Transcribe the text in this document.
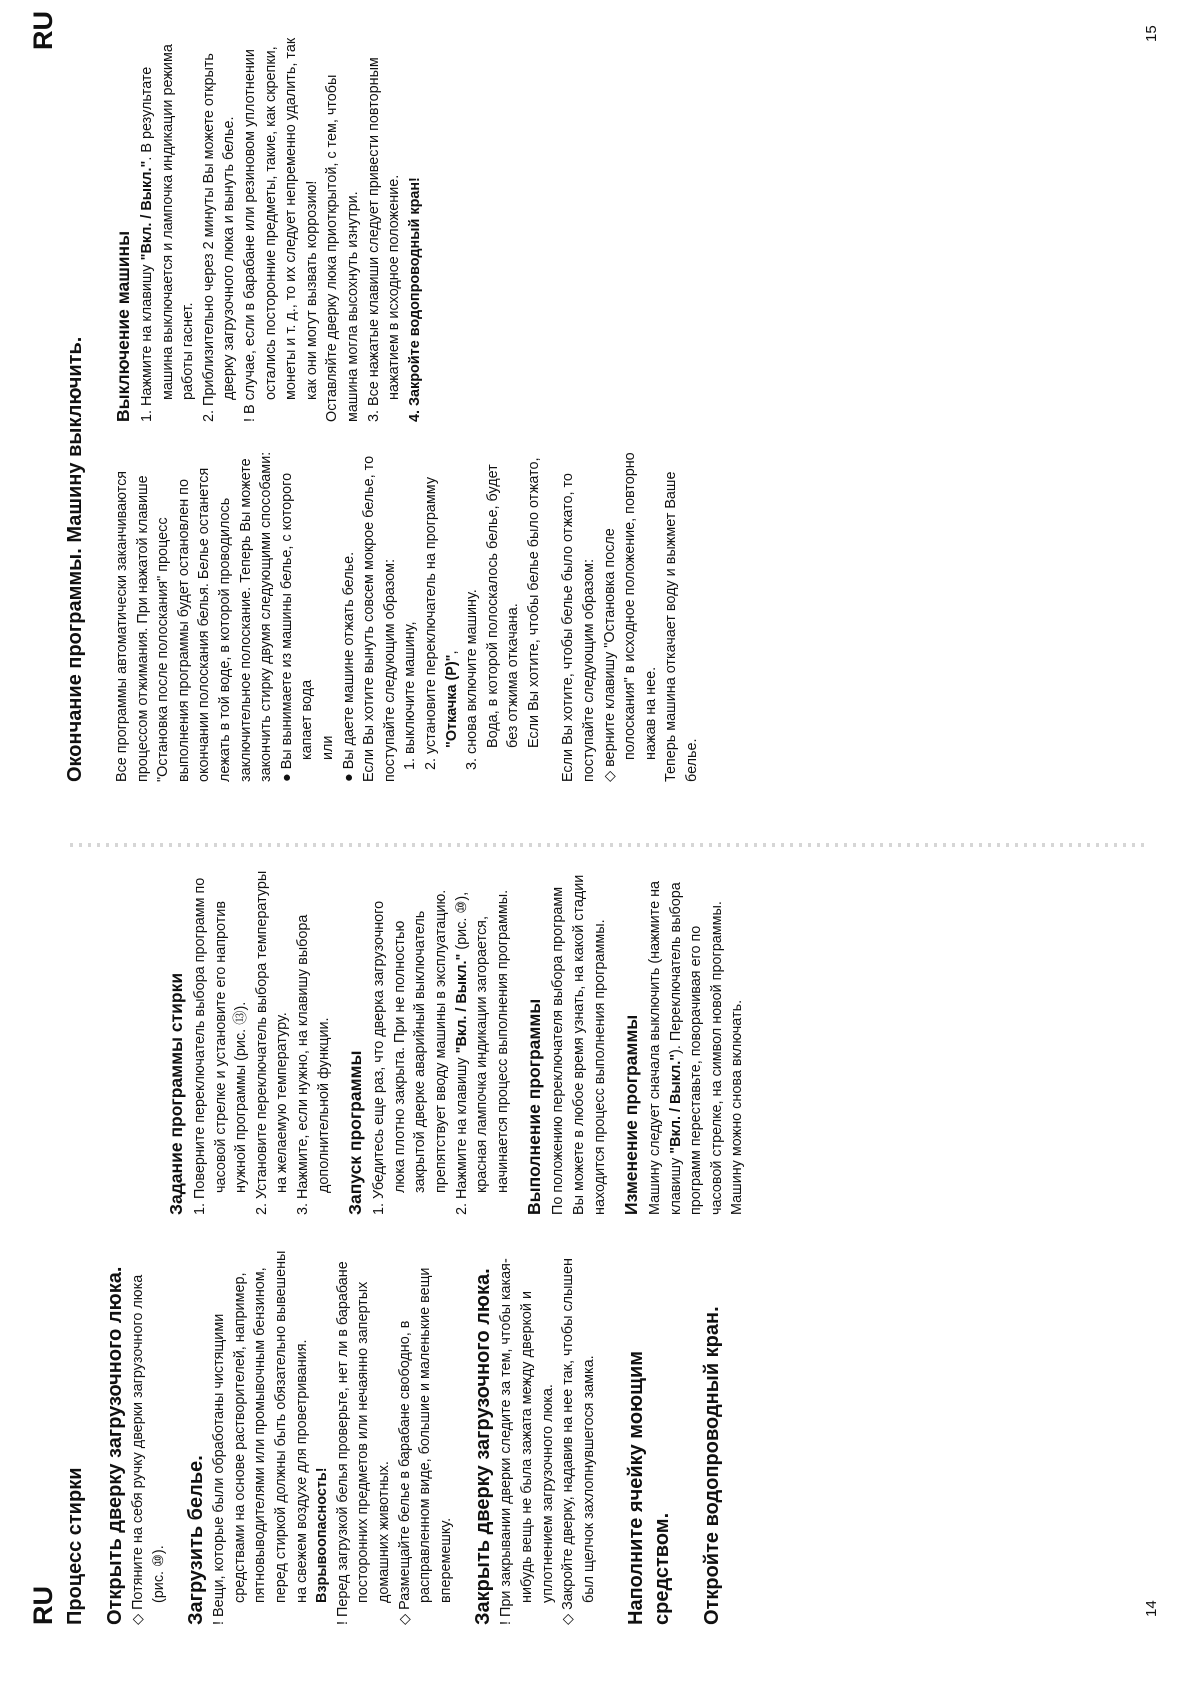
RU	14

Процесс стирки Открыть дверку загрузочного люка. ◇ Потяните на себя ручку дверки загрузочного люка (рис. ⑩). Загрузить белье. ! Вещи, которые были обработаны чистящими средствами на основе растворителей, например, пятновыводителями или промывочным бензином, перед стиркой должны быть обязательно вывешены на свежем воздухе для проветривания. Взрывоопасность!

! Перед загрузкой белья проверьте, нет ли в барабане посторонних предметов или нечаянно запертых домашних животных.

◇ Размещайте белье в барабане свободно, в расправленном виде, большие и маленькие вещи вперемешку. Закрыть дверку загрузочного люка. ! При закрывании дверки следите за тем, чтобы какая-нибудь вещь не была зажата между дверкой и уплотнением загрузочного люка.

◇ Закройте дверку, надавив на нее так, чтобы слышен был щелчок захлопнувшегося замка. Наполните ячейку моющим средством. Откройте водопроводный кран.

Задание программы стирки 1. Поверните переключатель выбора программ по часовой стрелке и установите его напротив нужной программы (рис. ⑬). 2. Установите переключатель выбора температуры на желаемую температуру. 3. Нажмите, если нужно, на клавишу выбора дополнительной функции. Запуск программы 1. Убедитесь еще раз, что дверка загрузочного люка плотно закрыта. При не полностью закрытой дверке аварийный выключатель препятствует вводу машины в эксплуатацию. 2. Нажмите на клавишу "Вкл. / Выкл." (рис. ⑩), красная лампочка индикации загорается, начинается процесс выполнения программы. Выполнение программы По положению переключателя выбора программ Вы можете в любое время узнать, на какой стадии находится процесс выполнения программы. Изменение программы Машину следует сначала выключить (нажмите на клавишу "Вкл. / Выкл."). Переключатель выбора программ переставьте, поворачивая его по часовой стрелке, на символ новой программы. Машину можно снова включать.

RU	15

Окончание программы. Машину выключить. Все программы автоматически заканчиваются процессом отжимания. При нажатой клавише "Остановка после полоскания" процесс выполнения программы будет остановлен по окончании полоскания белья. Белье останется лежать в той воде, в которой проводилось заключительное полоскание. Теперь Вы можете закончить стирку двумя следующими способами: ● Вы вынимаете из машины белье, с которого капает вода или

● Вы даете машине отжать белье. Если Вы хотите вынуть совсем мокрое белье, то поступайте следующим образом: 1. выключите машину, 2. установите переключатель на программу "Откачка (P)", 3. снова включите машину. Вода, в которой полоскалось белье, будет без отжима откачана. Если Вы хотите, чтобы белье было отжато, Если Вы хотите, чтобы белье было отжато, то поступайте следующим образом: ◇ верните клавишу "Остановка после полоскания" в исходное положение, повторно нажав на нее. Теперь машина откачает воду и выжмет Ваше белье.

Выключение машины 1. Нажмите на клавишу "Вкл. / Выкл.". В результате машина выключается и лампочка индикации режима работы гаснет. 2. Приблизительно через 2 минуты Вы можете открыть дверку загрузочного люка и вынуть белье.

! В случае, если в барабане или резиновом уплотнении остались посторонние предметы, такие, как скрепки, монеты и т. д., то их следует непременно удалить, так как они могут вызвать коррозию! Оставляйте дверку люка приоткрытой, с тем, чтобы машина могла высохнуть изнутри. 3. Все нажатые клавиши следует привести повторным нажатием в исходное положение. 4. Закройте водопроводный кран!
